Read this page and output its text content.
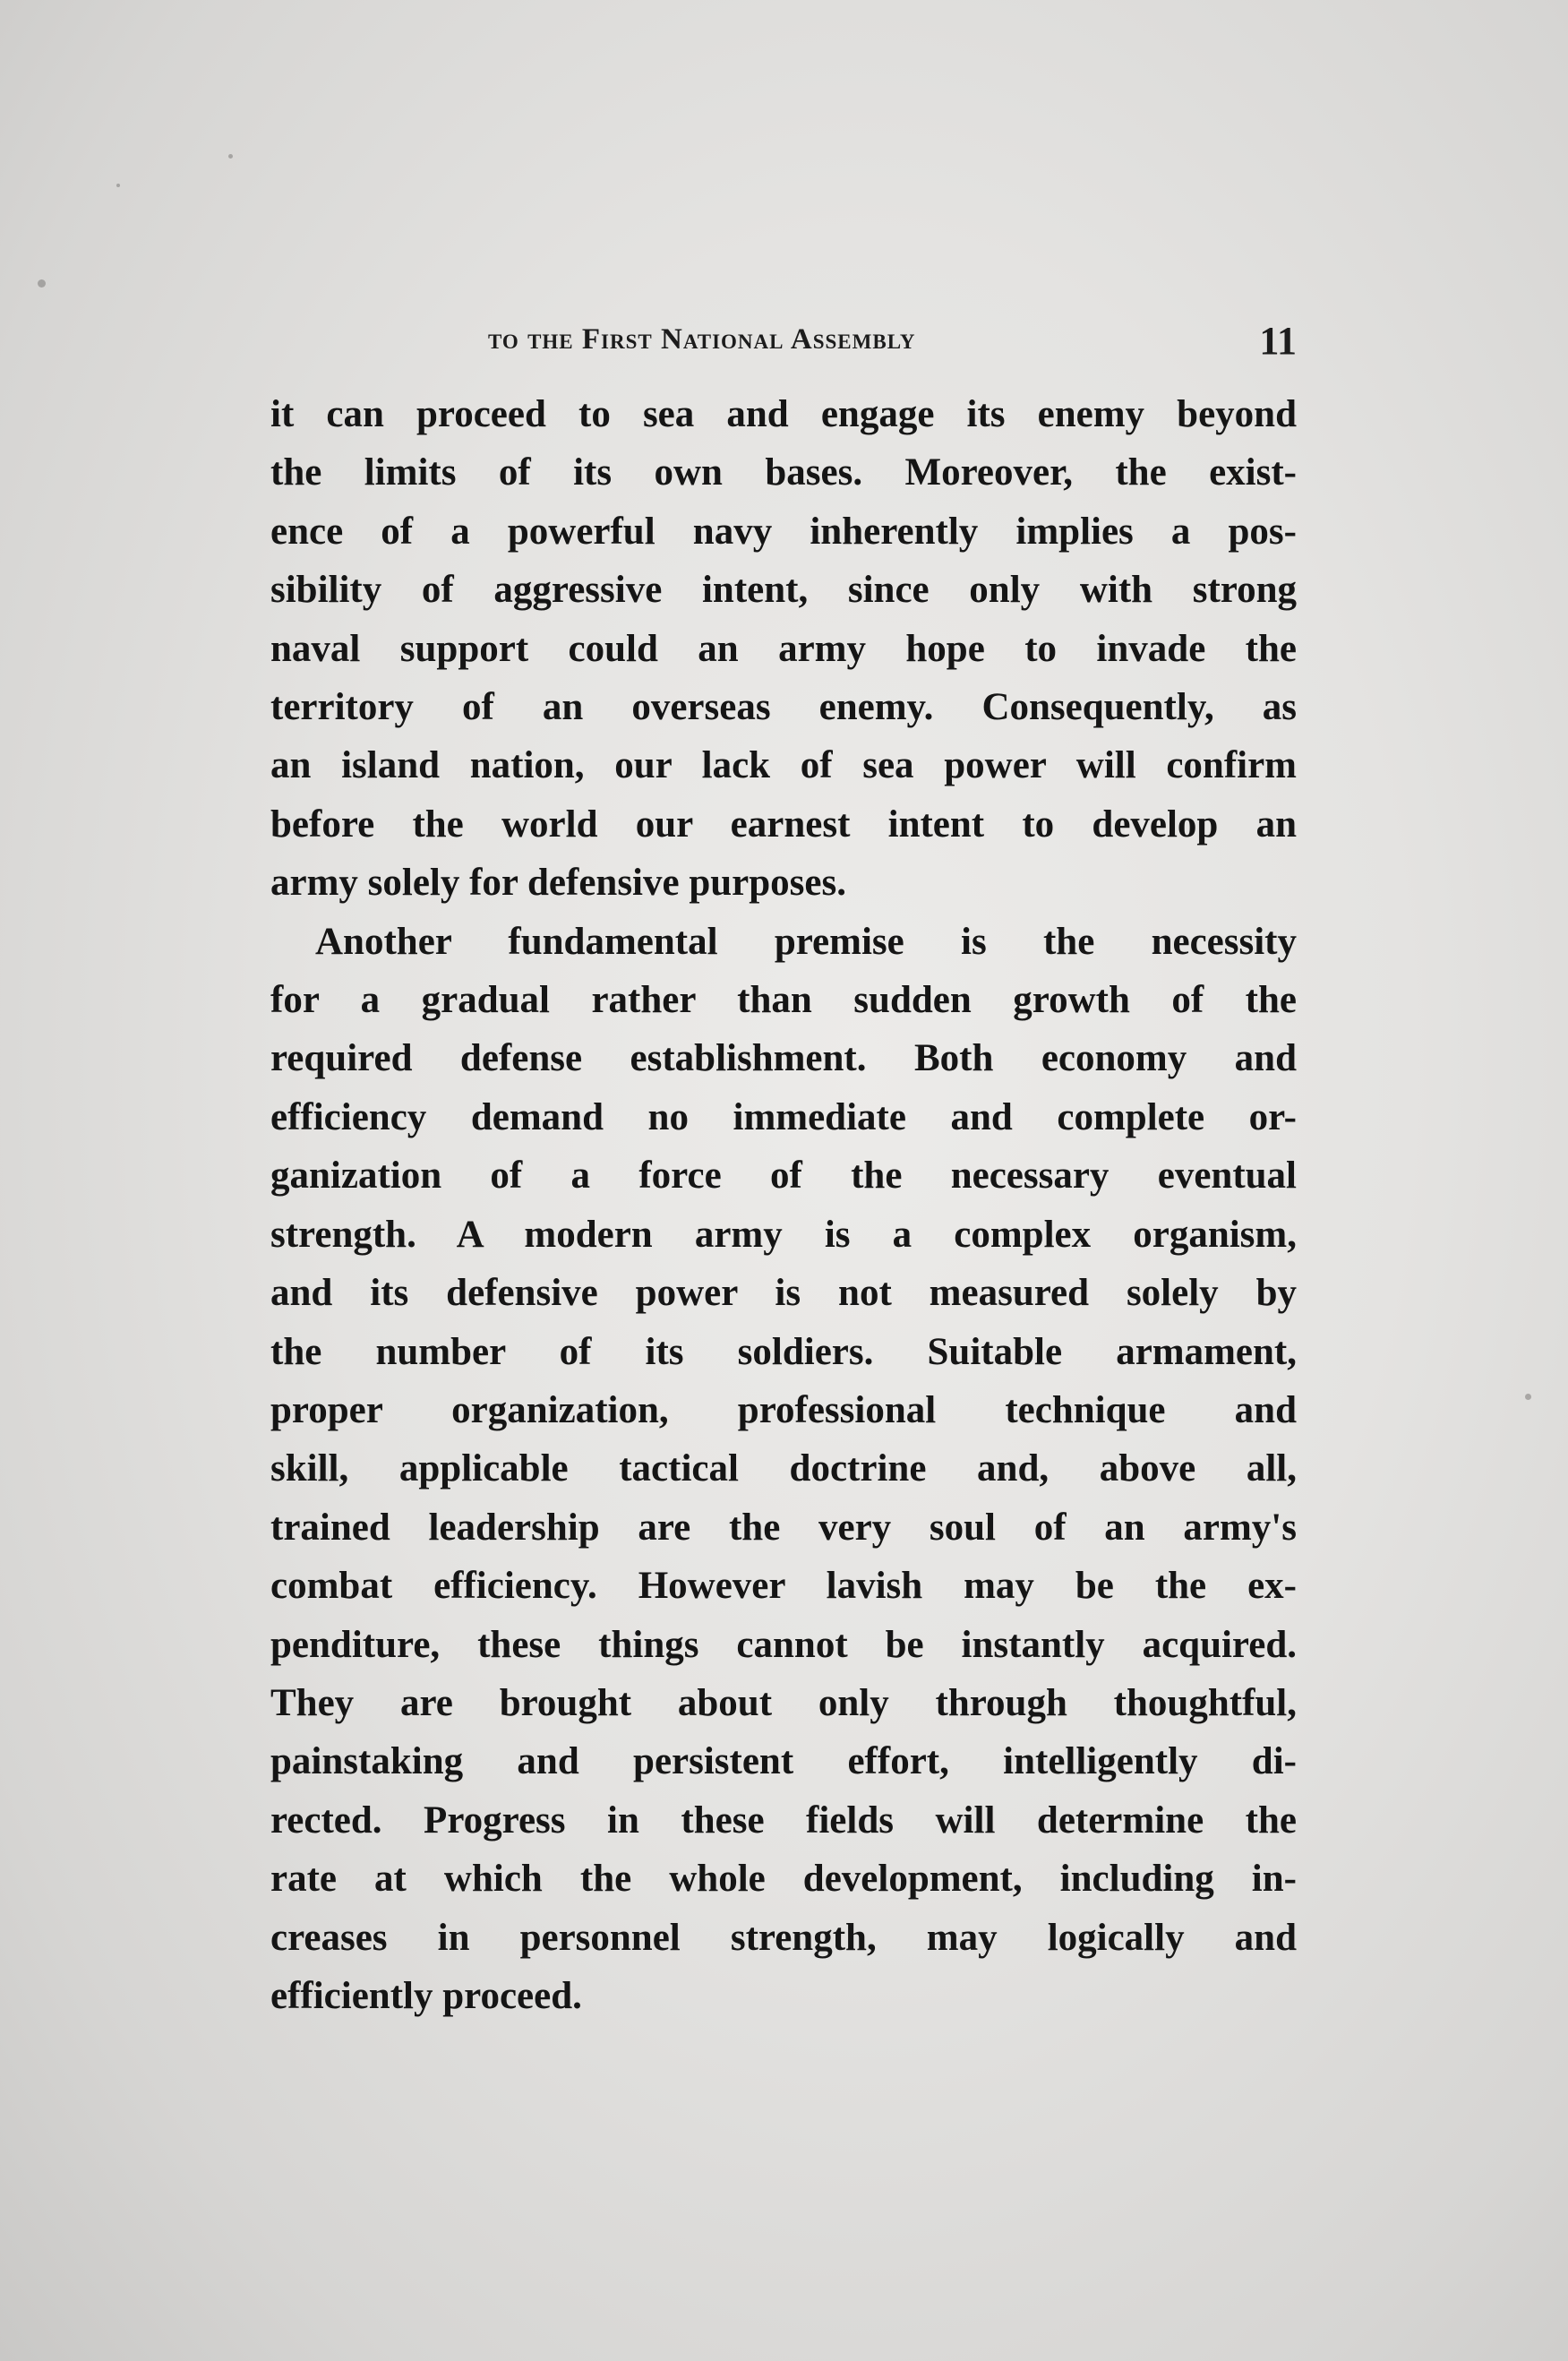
to the First National Assembly	11
it can proceed to sea and engage its enemy beyond
the limits of its own bases. Moreover, the exist-
ence of a powerful navy inherently implies a pos-
sibility of aggressive intent, since only with strong
naval support could an army hope to invade the
territory of an overseas enemy. Consequently, as
an island nation, our lack of sea power will confirm
before the world our earnest intent to develop an
army solely for defensive purposes.
Another fundamental premise is the necessity
for a gradual rather than sudden growth of the
required defense establishment. Both economy and
efficiency demand no immediate and complete or-
ganization of a force of the necessary eventual
strength. A modern army is a complex organism,
and its defensive power is not measured solely by
the number of its soldiers. Suitable armament,
proper organization, professional technique and
skill, applicable tactical doctrine and, above all,
trained leadership are the very soul of an army's
combat efficiency. However lavish may be the ex-
penditure, these things cannot be instantly acquired.
They are brought about only through thoughtful,
painstaking and persistent effort, intelligently di-
rected. Progress in these fields will determine the
rate at which the whole development, including in-
creases in personnel strength, may logically and
efficiently proceed.
